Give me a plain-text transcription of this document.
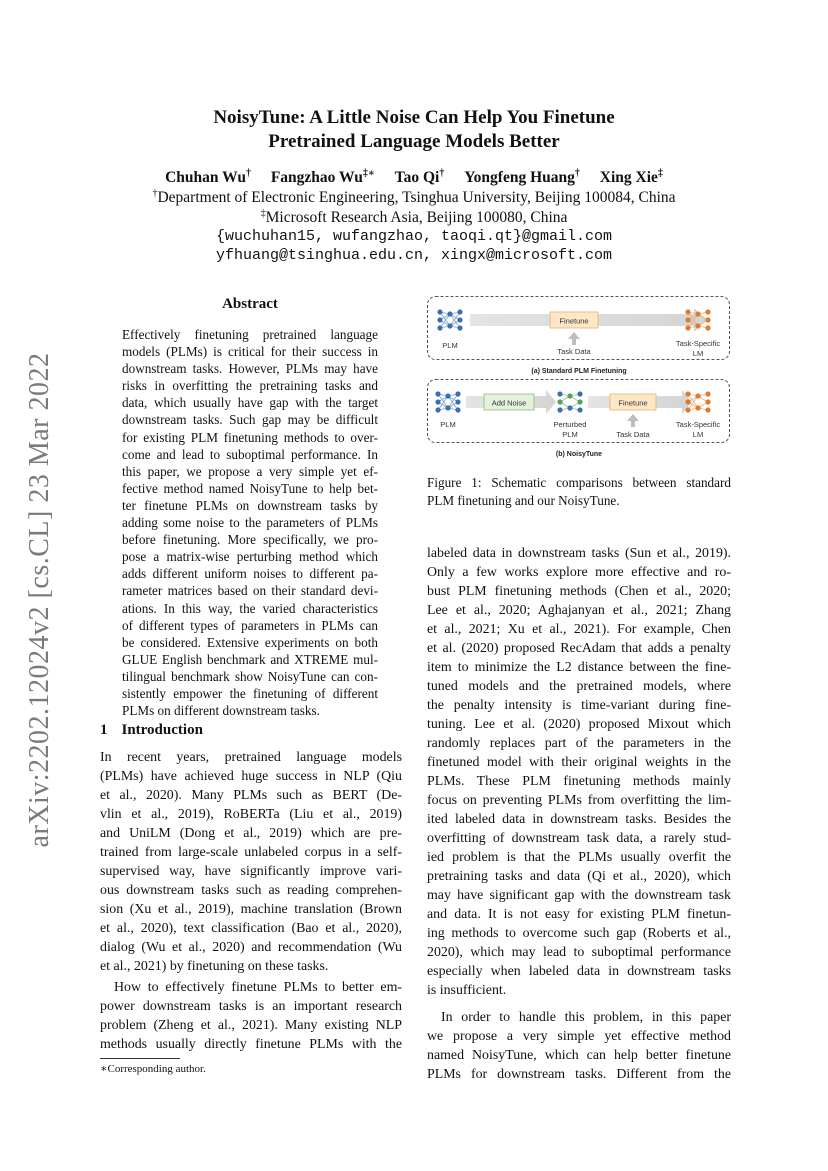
arXiv:2202.12024v2 [cs.CL] 23 Mar 2022
NoisyTune: A Little Noise Can Help You Finetune
Pretrained Language Models Better
Chuhan Wu† Fangzhao Wu‡∗ Tao Qi† Yongfeng Huang† Xing Xie‡
†Department of Electronic Engineering, Tsinghua University, Beijing 100084, China
‡Microsoft Research Asia, Beijing 100080, China
{wuchuhan15, wufangzhao, taoqi.qt}@gmail.com
yfhuang@tsinghua.edu.cn, xingx@microsoft.com
Abstract
Effectively finetuning pretrained language
models (PLMs) is critical for their success in
downstream tasks. However, PLMs may have
risks in overfitting the pretraining tasks and
data, which usually have gap with the target
downstream tasks. Such gap may be difficult
for existing PLM finetuning methods to over-
come and lead to suboptimal performance. In
this paper, we propose a very simple yet ef-
fective method named NoisyTune to help bet-
ter finetune PLMs on downstream tasks by
adding some noise to the parameters of PLMs
before finetuning. More specifically, we pro-
pose a matrix-wise perturbing method which
adds different uniform noises to different pa-
rameter matrices based on their standard devi-
ations. In this way, the varied characteristics
of different types of parameters in PLMs can
be considered. Extensive experiments on both
GLUE English benchmark and XTREME mul-
tilingual benchmark show NoisyTune can con-
sistently empower the finetuning of different
PLMs on different downstream tasks.
1 Introduction
In recent years, pretrained language models
(PLMs) have achieved huge success in NLP (Qiu
et al., 2020). Many PLMs such as BERT (De-
vlin et al., 2019), RoBERTa (Liu et al., 2019)
and UniLM (Dong et al., 2019) which are pre-
trained from large-scale unlabeled corpus in a self-
supervised way, have significantly improve vari-
ous downstream tasks such as reading comprehen-
sion (Xu et al., 2019), machine translation (Brown
et al., 2020), text classification (Bao et al., 2020),
dialog (Wu et al., 2020) and recommendation (Wu
et al., 2021) by finetuning on these tasks.
How to effectively finetune PLMs to better em-
power downstream tasks is an important research
problem (Zheng et al., 2021). Many existing NLP
methods usually directly finetune PLMs with the
∗Corresponding author.
Finetune
PLM
Task Data
Task-Specific
LM
(a) Standard PLM Finetuning
Add Noise	Finetune
PLM	Perturbed
PLM	Task Data
Task-Specific
LM
(b) NoisyTune
Figure 1: Schematic comparisons between standard
PLM finetuning and our NoisyTune.
labeled data in downstream tasks (Sun et al., 2019).
Only a few works explore more effective and ro-
bust PLM finetuning methods (Chen et al., 2020;
Lee et al., 2020; Aghajanyan et al., 2021; Zhang
et al., 2021; Xu et al., 2021). For example, Chen
et al. (2020) proposed RecAdam that adds a penalty
item to minimize the L2 distance between the fine-
tuned models and the pretrained models, where
the penalty intensity is time-variant during fine-
tuning. Lee et al. (2020) proposed Mixout which
randomly replaces part of the parameters in the
finetuned model with their original weights in the
PLMs. These PLM finetuning methods mainly
focus on preventing PLMs from overfitting the lim-
ited labeled data in downstream tasks. Besides the
overfitting of downstream task data, a rarely stud-
ied problem is that the PLMs usually overfit the
pretraining tasks and data (Qi et al., 2020), which
may have significant gap with the downstream task
and data. It is not easy for existing PLM finetun-
ing methods to overcome such gap (Roberts et al.,
2020), which may lead to suboptimal performance
especially when labeled data in downstream tasks
is insufficient.
In order to handle this problem, in this paper
we propose a very simple yet effective method
named NoisyTune, which can help better finetune
PLMs for downstream tasks. Different from the
